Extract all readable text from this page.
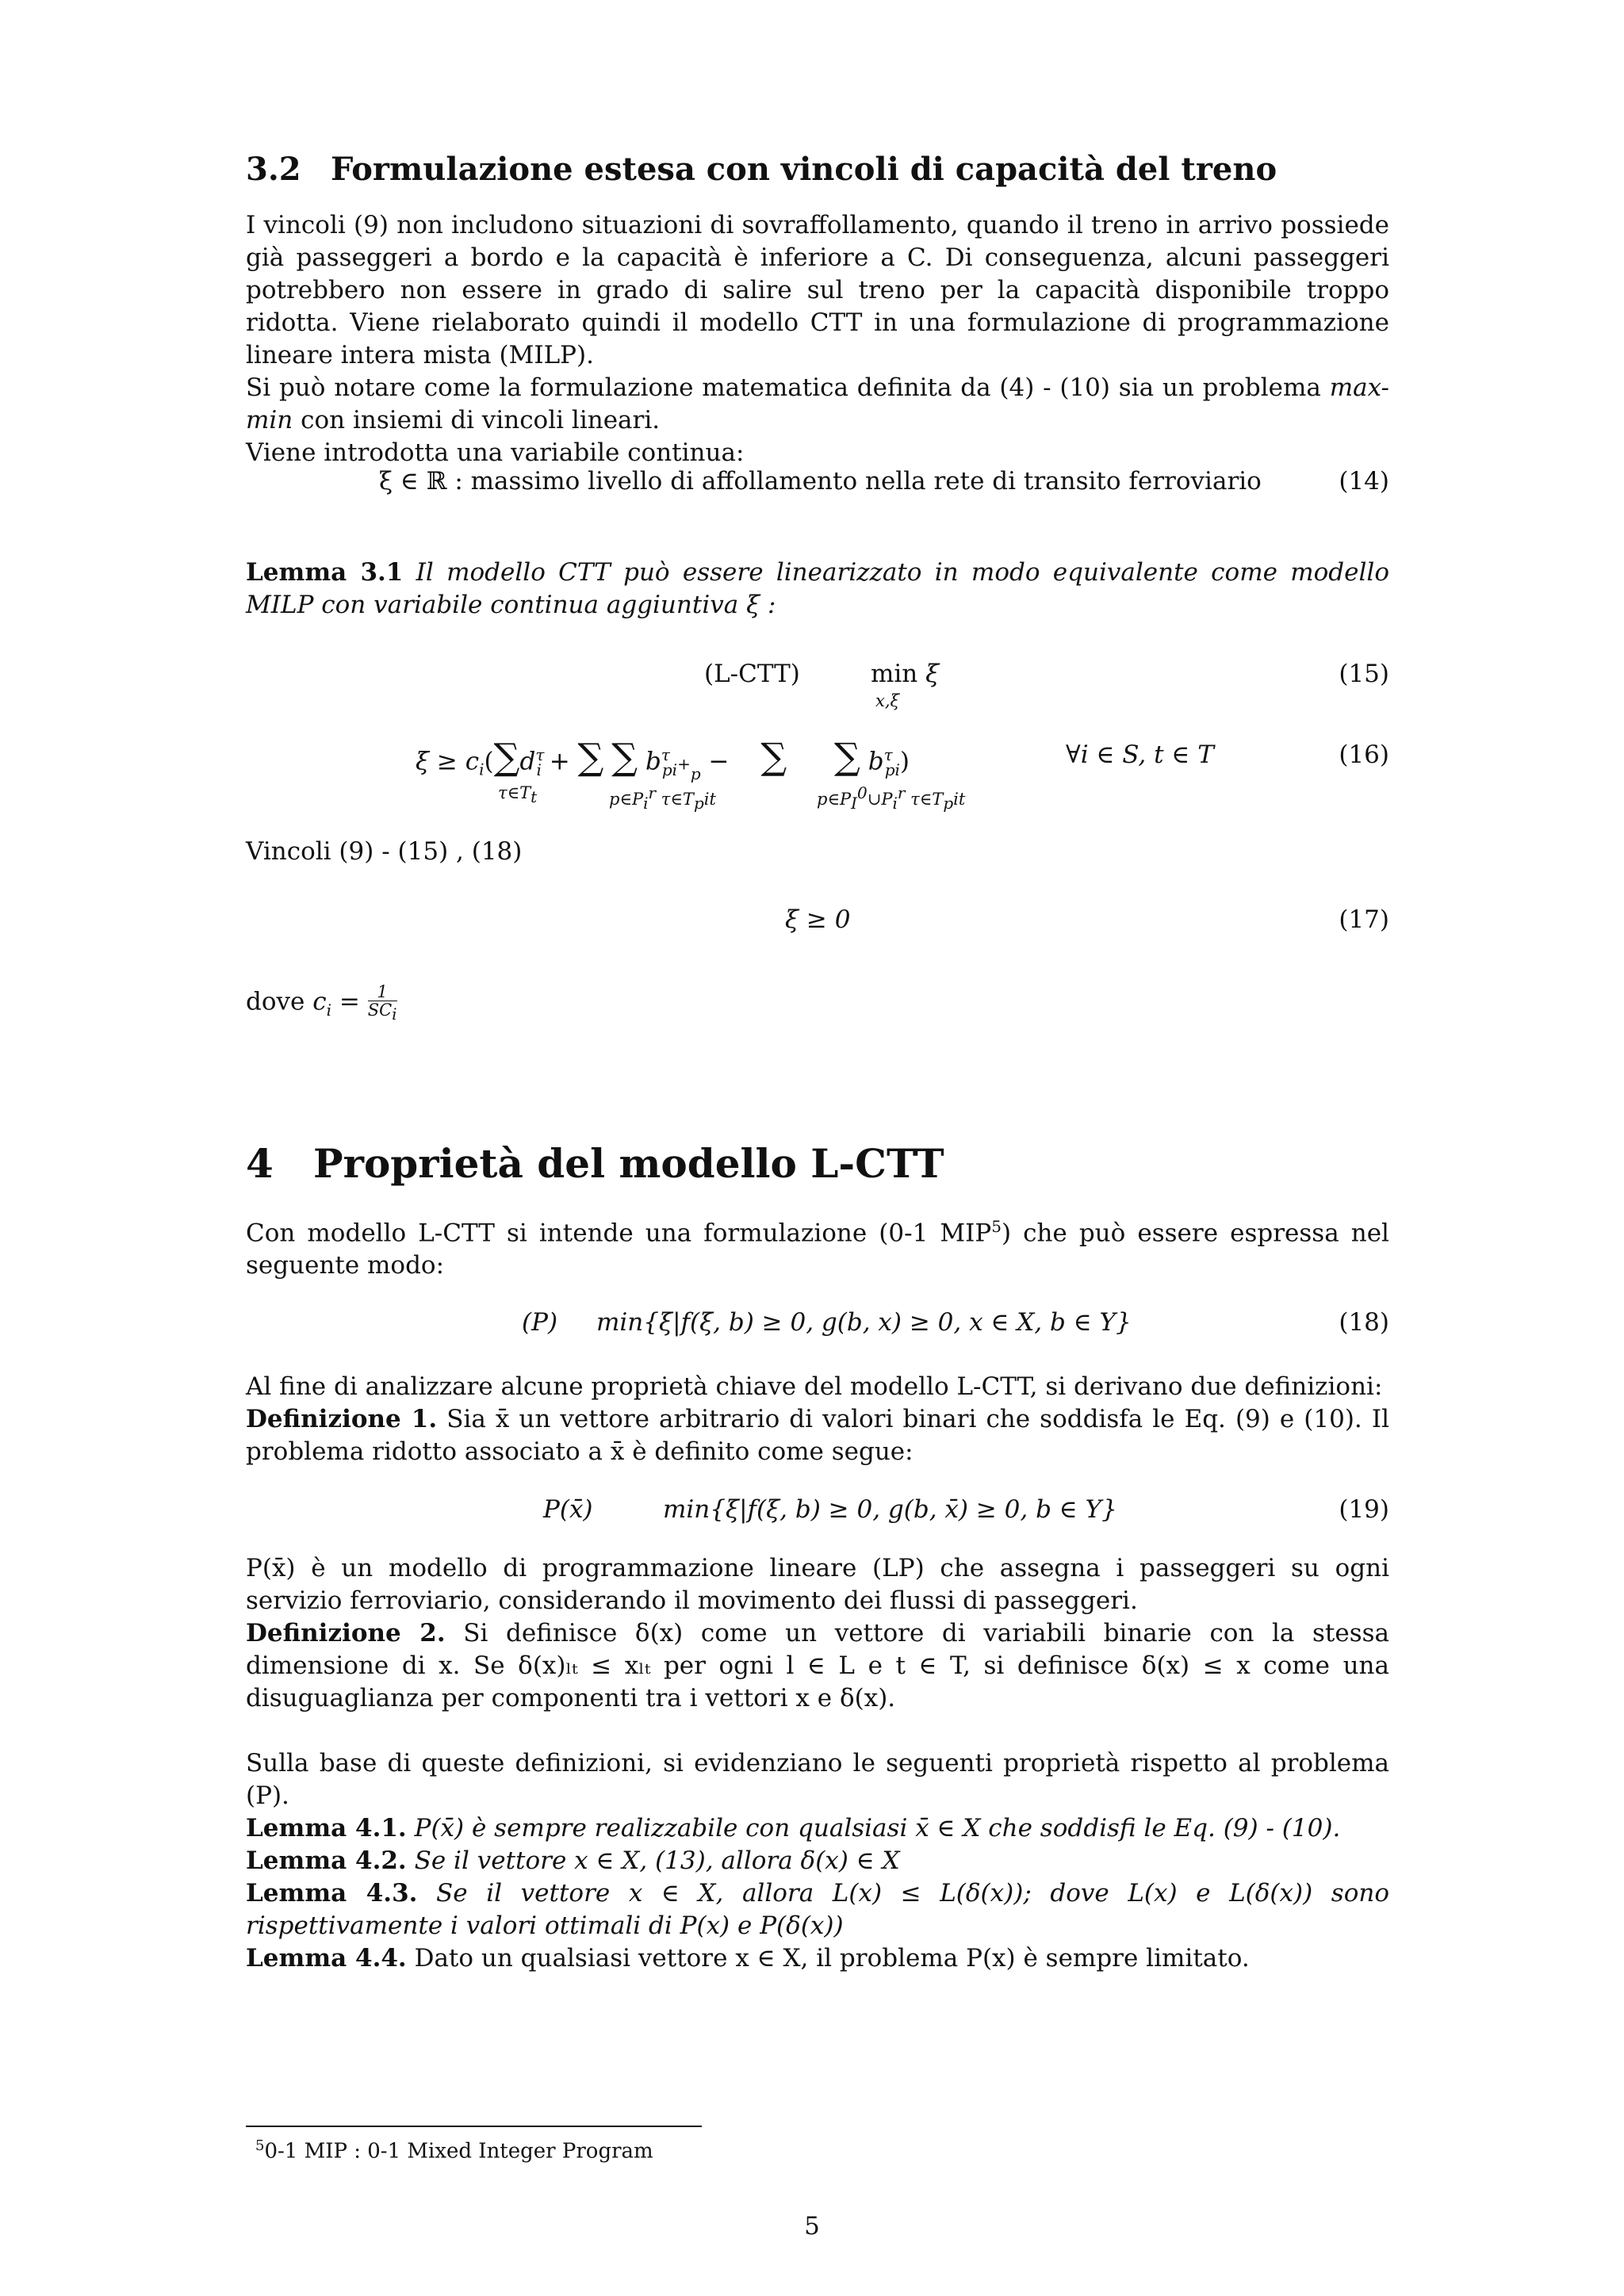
3.2 Formulazione estesa con vincoli di capacità del treno

I vincoli (9) non includono situazioni di sovraffollamento, quando il treno in arrivo possiede già passeggeri a bordo e la capacità è inferiore a C. Di conseguenza, alcuni passeggeri potrebbero non essere in grado di salire sul treno per la capacità disponibile troppo ridotta. Viene rielaborato quindi il modello CTT in una formulazione di programmazione lineare intera mista (MILP).

Si può notare come la formulazione matematica definita da (4) - (10) sia un problema max-min con insiemi di vincoli lineari.

Viene introdotta una variabile continua:

ξ ∈ ℝ : massimo livello di affollamento nella rete di transito ferroviario	(14)

Lemma 3.1 Il modello CTT può essere linearizzato in modo equivalente come modello MILP con variabile continua aggiuntiva ξ :

(L-CTT)	min ξ
x,ξ
(15)
$\xi \ge c_i(\sum d^\tau_i$ + ∑ ∑ $b^\tau_{pi^+_p}$ − ∑ ∑ $b^\tau_{pi}$)
$\tau\in T_t$	$p\in P_i^r$ $\tau\in T_pit$	$p\in P_I^0\cup P_i^r$ $\tau\in T_pit$
∀i ∈ S, t ∈ T	(16)
Vincoli (9) - (15) , (18)
ξ ≥ 0	(17)
dove $c_i = 1$
$SC_i$
4 Proprietà del modello L-CTT

Con modello L-CTT si intende una formulazione (0-1 MIP$^5$) che può essere espressa nel seguente modo:

(P) min{ξ|f(ξ, b) ≥ 0, g(b, x) ≥ 0, x ∈ X, b ∈ Y}	(18)

Al fine di analizzare alcune proprietà chiave del modello L-CTT, si derivano due definizioni:

Definizione 1. Sia x̄ un vettore arbitrario di valori binari che soddisfa le Eq. (9) e (10). Il problema ridotto associato a x̄ è definito come segue:

P(x̄)	min{ξ|f(ξ, b) ≥ 0, g(b, x̄) ≥ 0, b ∈ Y}	(19)

P(x̄) è un modello di programmazione lineare (LP) che assegna i passeggeri su ogni servizio ferroviario, considerando il movimento dei flussi di passeggeri.

Definizione 2. Si definisce δ(x) come un vettore di variabili binarie con la stessa dimensione di x. Se δ(x)ₗₜ ≤ xₗₜ per ogni l ∈ L e t ∈ T, si definisce δ(x) ≤ x come una disuguaglianza per componenti tra i vettori x e δ(x).

Sulla base di queste definizioni, si evidenziano le seguenti proprietà rispetto al problema (P).

Lemma 4.1. P(x̄) è sempre realizzabile con qualsiasi x̄ ∈ X che soddisfi le Eq. (9) - (10).

Lemma 4.2. Se il vettore x ∈ X, (13), allora δ(x) ∈ X

Lemma 4.3. Se il vettore x ∈ X, allora L(x) ≤ L(δ(x)); dove L(x) e L(δ(x)) sono rispettivamente i valori ottimali di P(x) e P(δ(x))

Lemma 4.4. Dato un qualsiasi vettore x ∈ X, il problema P(x) è sempre limitato.

$^5$0-1 MIP : 0-1 Mixed Integer Program
5
